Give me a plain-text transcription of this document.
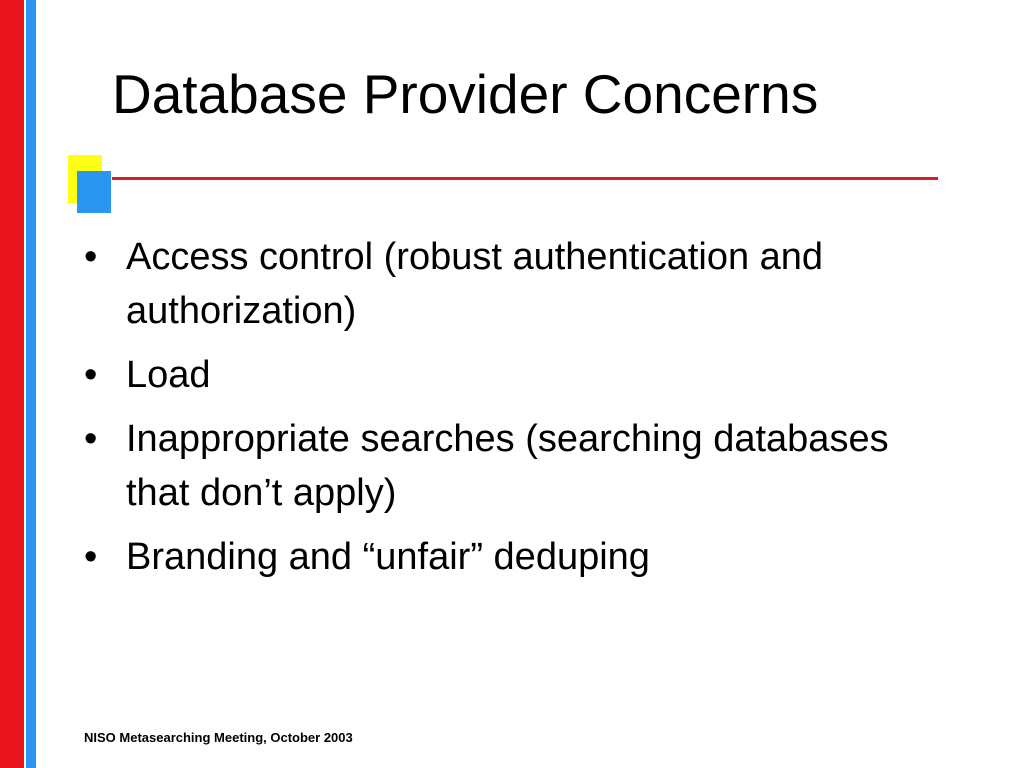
Database Provider Concerns
• Access control (robust authentication and authorization)
• Load
• Inappropriate searches (searching databases that don’t apply)
• Branding and “unfair” deduping
NISO Metasearching Meeting, October 2003
